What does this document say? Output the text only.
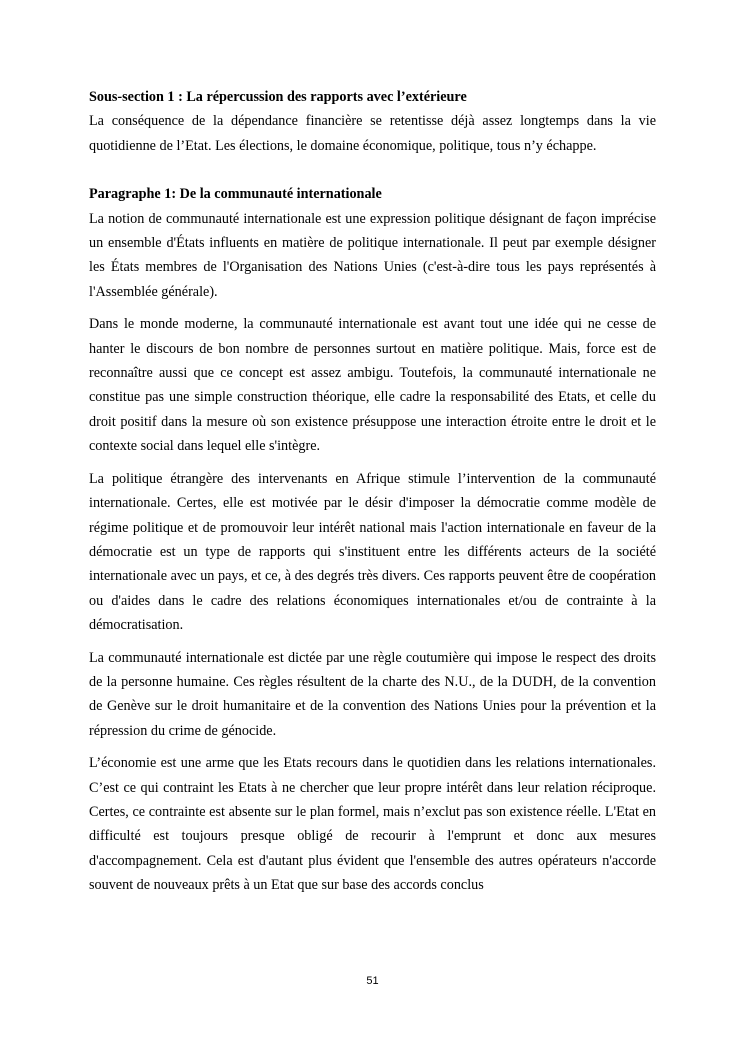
Sous-section 1 : La répercussion des rapports avec l’extérieure

La conséquence de la dépendance financière se retentisse déjà assez longtemps dans la vie quotidienne de l’Etat. Les élections, le domaine économique, politique, tous n’y échappe.

Paragraphe 1: De la communauté internationale

La notion de communauté internationale est une expression politique désignant de façon imprécise un ensemble d'États influents en matière de politique internationale. Il peut par exemple désigner les États membres de l'Organisation des Nations Unies (c'est-à-dire tous les pays représentés à l'Assemblée générale).

Dans le monde moderne, la communauté internationale est avant tout une idée qui ne cesse de hanter le discours de bon nombre de personnes surtout en matière politique. Mais, force est de reconnaître aussi que ce concept est assez ambigu. Toutefois, la communauté internationale ne constitue pas une simple construction théorique, elle cadre la responsabilité des Etats, et celle du droit positif dans la mesure où son existence présuppose une interaction étroite entre le droit et le contexte social dans lequel elle s'intègre.

La politique étrangère des intervenants en Afrique stimule l’intervention de la communauté internationale. Certes, elle est motivée par le désir d'imposer la démocratie comme modèle de régime politique et de promouvoir leur intérêt national mais l'action internationale en faveur de la démocratie est un type de rapports qui s'instituent entre les différents acteurs de la société internationale avec un pays, et ce, à des degrés très divers. Ces rapports peuvent être de coopération ou d'aides dans le cadre des relations économiques internationales et/ou de contrainte à la démocratisation.

La communauté internationale est dictée par une règle coutumière qui impose le respect des droits de la personne humaine. Ces règles résultent de la charte des N.U., de la DUDH, de la convention de Genève sur le droit humanitaire et de la convention des Nations Unies pour la prévention et la répression du crime de génocide.

L’économie est une arme que les Etats recours dans le quotidien dans les relations internationales. C’est ce qui contraint les Etats à ne chercher que leur propre intérêt dans leur relation réciproque. Certes, ce contrainte est absente sur le plan formel, mais n’exclut pas son existence réelle. L'Etat en difficulté est toujours presque obligé de recourir à l'emprunt et donc aux mesures d'accompagnement. Cela est d'autant plus évident que l'ensemble des autres opérateurs n'accorde souvent de nouveaux prêts à un Etat que sur base des accords conclus

51
